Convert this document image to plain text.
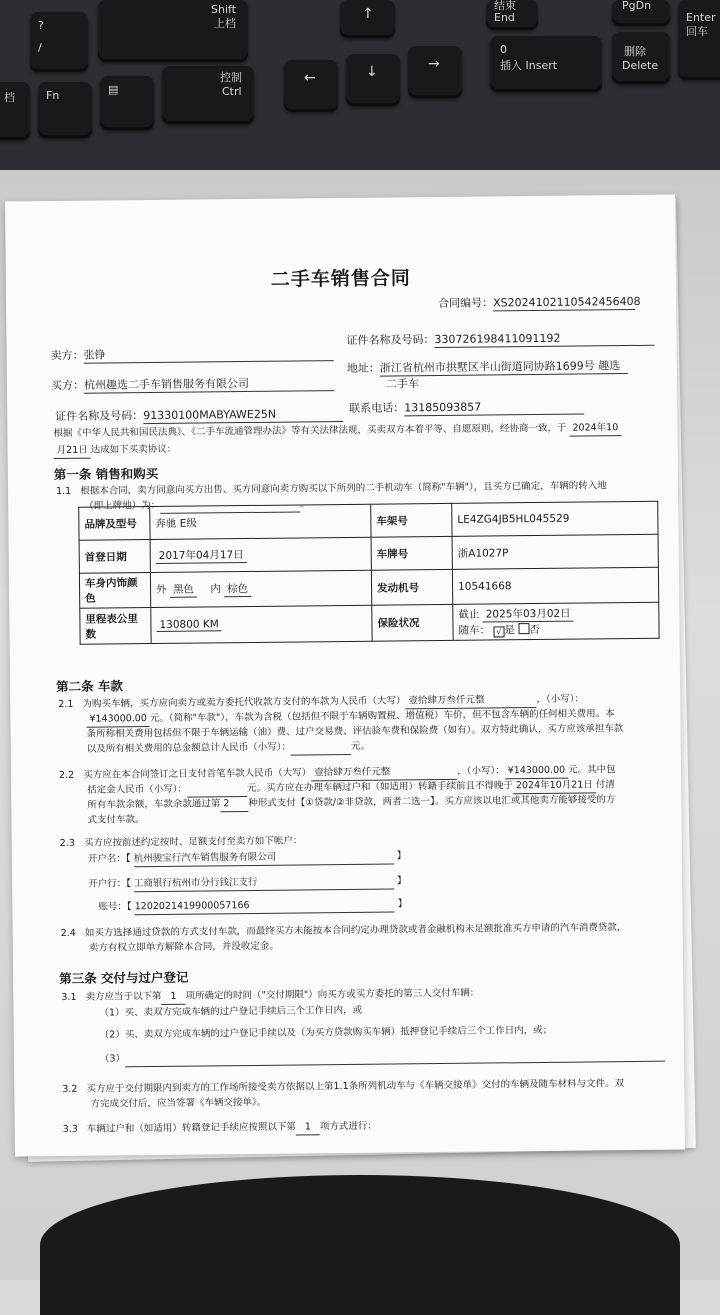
?
/
Shift
上档
↑
结束
End
PgDn
Enter
回车
档	Fn	▤
控制
Ctrl
←	↓	→
0
插入 Insert
删除
Delete
二手车销售合同
合同编号：XS20241021105424564​08
卖方：张铮
证件名称及号码：330726198411091192
买方：杭州趣选二手车销售服务有限公司
地址：浙江省杭州市拱墅区半山街道同协路1699号 趣选
二手车
证件名称及号码：91330100MABYAWE25N	联系电话：13185093857
根据《中华人民共和国民法典》、《二手车流通管理办法》等有关法律法规，买卖双方本着平等、自愿原则，经协商一致，于 2024年10
月21日 达成如下买卖协议：
第一条 销售和购买
1.1 根据本合同，卖方同意向买方出售、买方同意向卖方购买以下所列的二手机动车（简称"车辆"），且买方已确定，车辆的转入地
（即上牌地）为：	。
品牌及型号	奔驰 E级	车架号	LE4ZG4JB5HL045529
首登日期	2017年04月17日	车牌号	浙A1027P
车身内饰颜色	外 黑色 内 棕色	发动机号	10541668
里程表公里数	130800 KM	保险状况	截止 2025年03月02日
随车： √ 是 否
第二条 车款
2.1 为购买车辆，买方应向卖方或卖方委托代收款方支付的车款为人民币（大写） 壹拾肆万叁仟元整	，（小写）：
¥143000.00 元。（简称"车款"），车款为含税（包括但不限于车辆购置税、增值税）车价，但不包含车辆的任何相关费用。本
条所称相关费用包括但不限于车辆运输（油）费、过户交易费、评估验车费和保险费（如有）。双方特此确认，买方应该承担车款
以及所有相关费用的总金额总计人民币（小写）：	元。
2.2 买方应在本合同签订之日支付首笔车款人民币（大写） 壹拾肆万叁仟元整	，（小写）： ¥143000.00 元。其中包
括定金人民币（小写）：	元。买方应在办理车辆过户和（如适用）转籍手续前且不得晚于 2024年10月21日 付清
所有车款余额，车款余款通过第 2 种形式支付【①贷款/②非贷款，两者二选一】。买方应该以电汇或其他卖方能够接受的方
式支付车款。
2.3 买方应按前述约定按时、足额支付至卖方如下帐户：
开户名：【 杭州骏宝行汽车销售服务有限公司	】
开户行：【 工商银行杭州市分行钱江支行	】
账号：【 1202021419900057166	】
2.4 如买方选择通过贷款的方式支付车款，而最终买方未能按本合同约定办理贷款或者金融机构未足额批准买方申请的汽车消费贷款，
卖方有权立即单方解除本合同，并没收定金。
第三条 交付与过户登记
3.1 卖方应当于以下第 1 项所确定的时间（"交付期限"）向买方或买方委托的第三人交付车辆：
（1）买、卖双方完成车辆的过户登记手续后三个工作日内，或
（2）买、卖双方完成车辆的过户登记手续以及（为买方贷款购买车辆）抵押登记手续后三个工作日内，或；
（3）
3.2 买方应于交付期限内到卖方的工作场所接受卖方依据以上第1.1条所列机动车与《车辆交接单》交付的车辆及随车材料与文件。双
方完成交付后，应当签署《车辆交接单》。
3.3 车辆过户和（如适用）转籍登记手续应按照以下第 1 项方式进行：
